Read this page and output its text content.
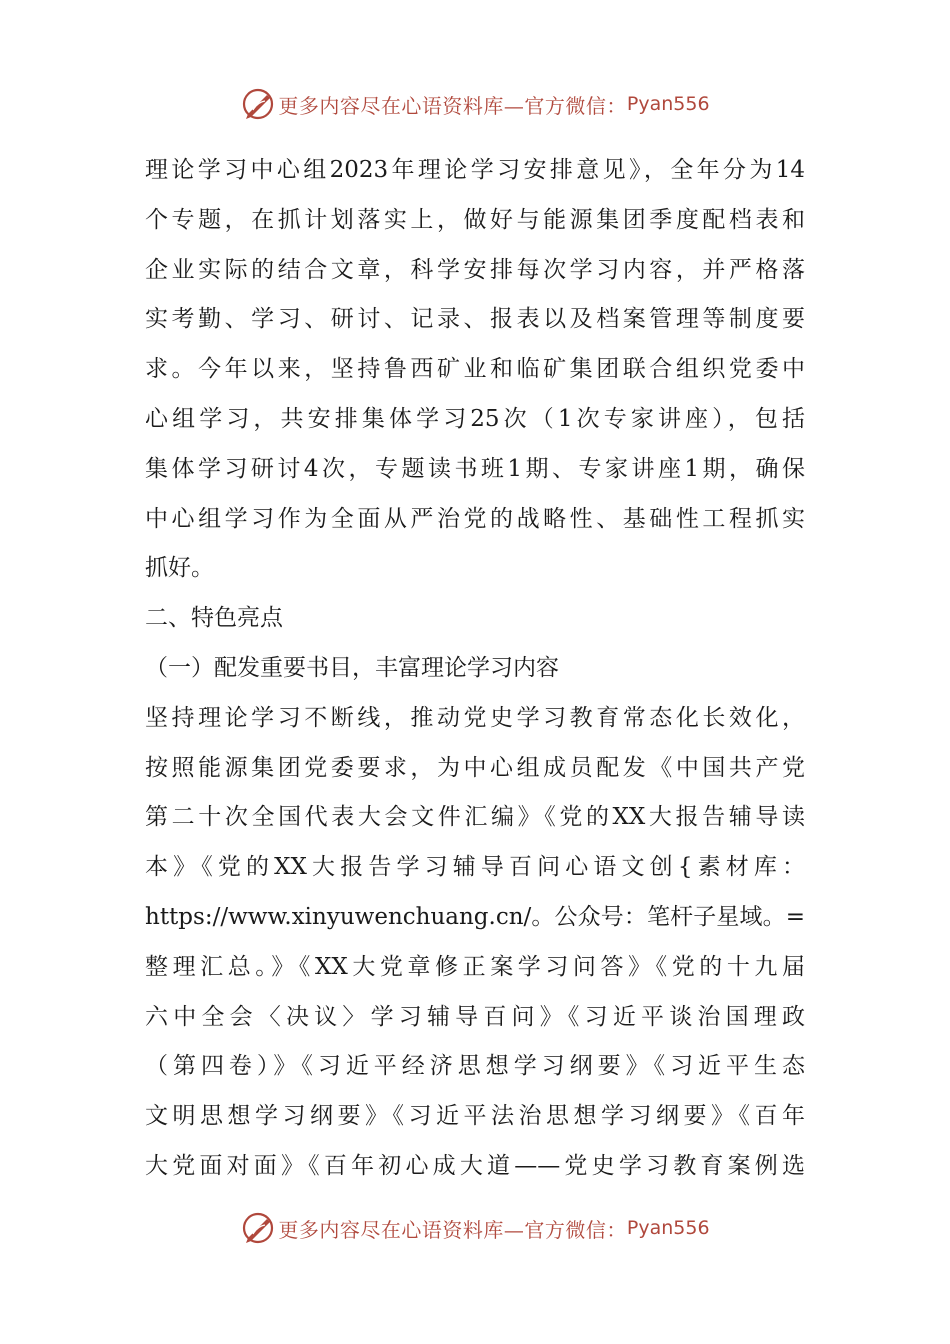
更多内容尽在心语资料库—官方微信： Pyan556
理论学习中心组2023年理论学习安排意见》，全年分为14
个专题，在抓计划落实上，做好与能源集团季度配档表和
企业实际的结合文章，科学安排每次学习内容，并严格落
实考勤、学习、研讨、记录、报表以及档案管理等制度要
求。今年以来，坚持鲁西矿业和临矿集团联合组织党委中
心组学习，共安排集体学习25次（1次专家讲座），包括
集体学习研讨4次，专题读书班1期、专家讲座1期，确保
中心组学习作为全面从严治党的战略性、基础性工程抓实
抓好。
二、特色亮点
（一）配发重要书目，丰富理论学习内容
坚持理论学习不断线，推动党史学习教育常态化长效化，
按照能源集团党委要求，为中心组成员配发《中国共产党
第二十次全国代表大会文件汇编》《党的XX大报告辅导读
本》《党的XX大报告学习辅导百问心语文创{素材库：
https://www.xinyuwenchuang.cn/。公众号：笔杆子星域。=
整理汇总。》《XX大党章修正案学习问答》《党的十九届
六中全会〈决议〉学习辅导百问》《习近平谈治国理政
（第四卷）》《习近平经济思想学习纲要》《习近平生态
文明思想学习纲要》《习近平法治思想学习纲要》《百年
大党面对面》《百年初心成大道——党史学习教育案例选
更多内容尽在心语资料库—官方微信： Pyan556
